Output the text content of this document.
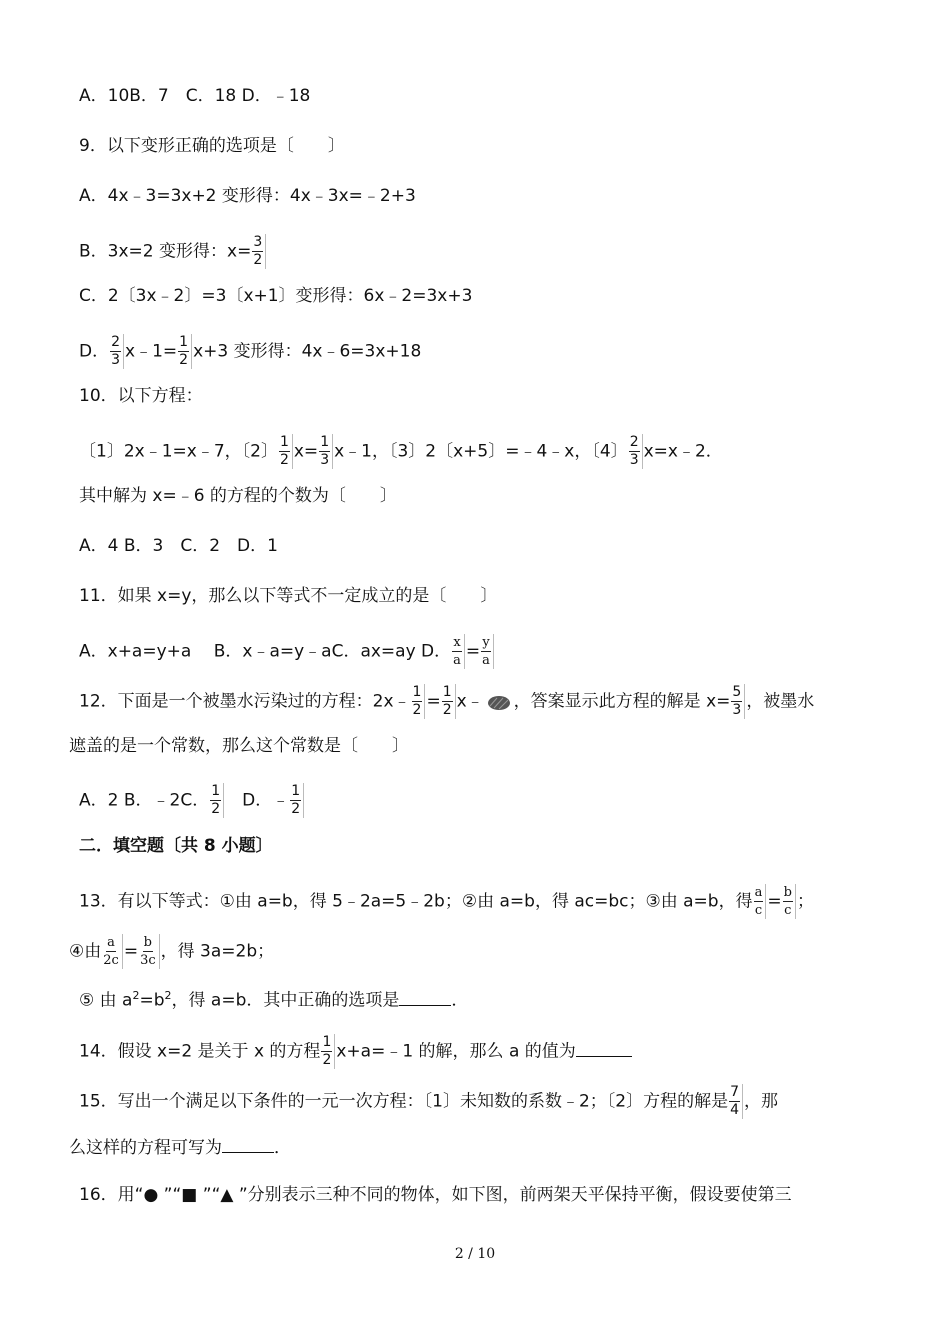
A．10B．7　C．18 D．﹣18
9．以下变形正确的选项是〔　　〕
A．4x﹣3=3x+2 变形得：4x﹣3x=﹣2+3
B．3x=2 变形得：$x= \frac{3}{2}$
C．2〔3x﹣2〕=3〔x+1〕变形得：6x﹣2=3x+3
D． $\frac{2}{3}$ x﹣1= $\frac{1}{2} x+3$ 变形得：4x﹣6=3x+18
10．以下方程：
〔1〕2x﹣1=x﹣7，〔2〕 $\frac{1}{2} x= \frac{1}{3}$ x﹣1，〔3〕2〔x+5〕=﹣4﹣x，〔4〕 $\frac{2}{3}$ x=x﹣2．
其中解为 x=﹣6 的方程的个数为〔　　〕
A．4 B．3　C．2　D．1
11．如果 x=y，那么以下等式不一定成立的是〔　　〕
A．x+a=y+a　 B．x﹣a=y﹣aC．ax=ay D． $\frac{x}{a} = \frac{y}{a}$
12．下面是一个被墨水污染过的方程：2x﹣ $\frac{1}{2} = \frac{1}{2}$ x﹣ ，答案显示此方程的解是 $x= \frac{5}{3}$ ，被墨水
遮盖的是一个常数，那么这个常数是〔　　〕
A．2 B．﹣2C． $\frac{1}{2}$ 　D．﹣ $\frac{1}{2}$
二．填空题〔共 8 小题〕
13．有以下等式：①由 a=b，得 5﹣2a=5﹣2b；②由 a=b，得 ac=bc；③由 a=b，得 $\frac{a}{c} = \frac{b}{c}$ ；
④由 $\frac{a}{2c} = \frac{b}{3c}$ ，得 3a=2b；
⑤ 由 $a^2=b^2$，得 a=b．其中正确的选项是	．
14．假设 x=2 是关于 x 的方程 $\frac{1}{2}$ x+a=﹣1 的解，那么 a 的值为
15．写出一个满足以下条件的一元一次方程：〔1〕未知数的系数﹣2；〔2〕方程的解是 $\frac{7}{4}$ ，那
么这样的方程可写为	．
16．用“● ”“■ ”“▲ ”分别表示三种不同的物体，如下图，前两架天平保持平衡，假设要使第三
2 / 10
